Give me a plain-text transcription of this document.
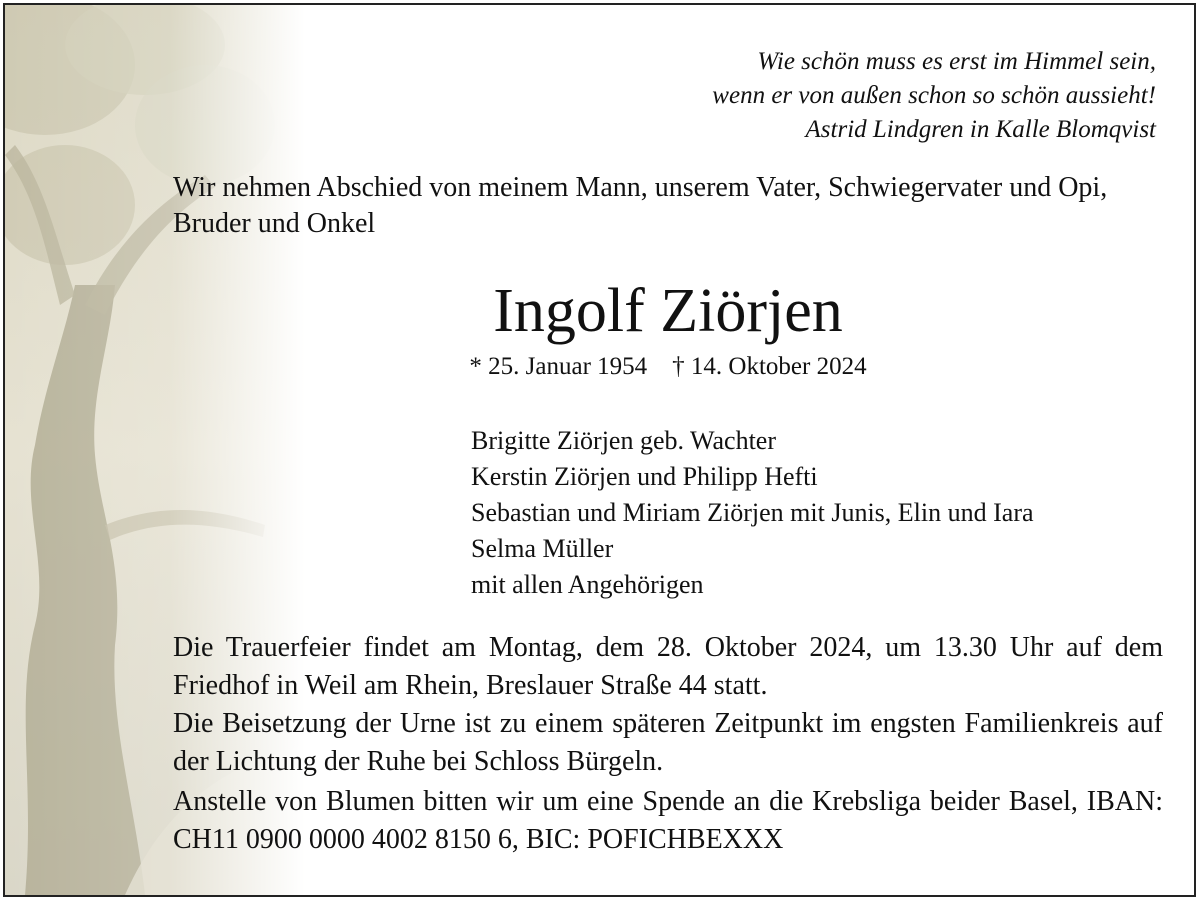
Wie schön muss es erst im Himmel sein,
wenn er von außen schon so schön aussieht!
Astrid Lindgren in Kalle Blomqvist
Wir nehmen Abschied von meinem Mann, unserem Vater, Schwiegervater und Opi, Bruder und Onkel
Ingolf Ziörjen
* 25. Januar 1954 † 14. Oktober 2024
Brigitte Ziörjen geb. Wachter
Kerstin Ziörjen und Philipp Hefti
Sebastian und Miriam Ziörjen mit Junis, Elin und Iara
Selma Müller
mit allen Angehörigen

Die Trauerfeier findet am Montag, dem 28. Oktober 2024, um 13.30 Uhr auf dem Friedhof in Weil am Rhein, Breslauer Straße 44 statt.

Die Beisetzung der Urne ist zu einem späteren Zeitpunkt im engsten Familienkreis auf der Lichtung der Ruhe bei Schloss Bürgeln.

Anstelle von Blumen bitten wir um eine Spende an die Krebsliga beider Basel, IBAN: CH11 0900 0000 4002 8150 6, BIC: POFICHBEXXX
